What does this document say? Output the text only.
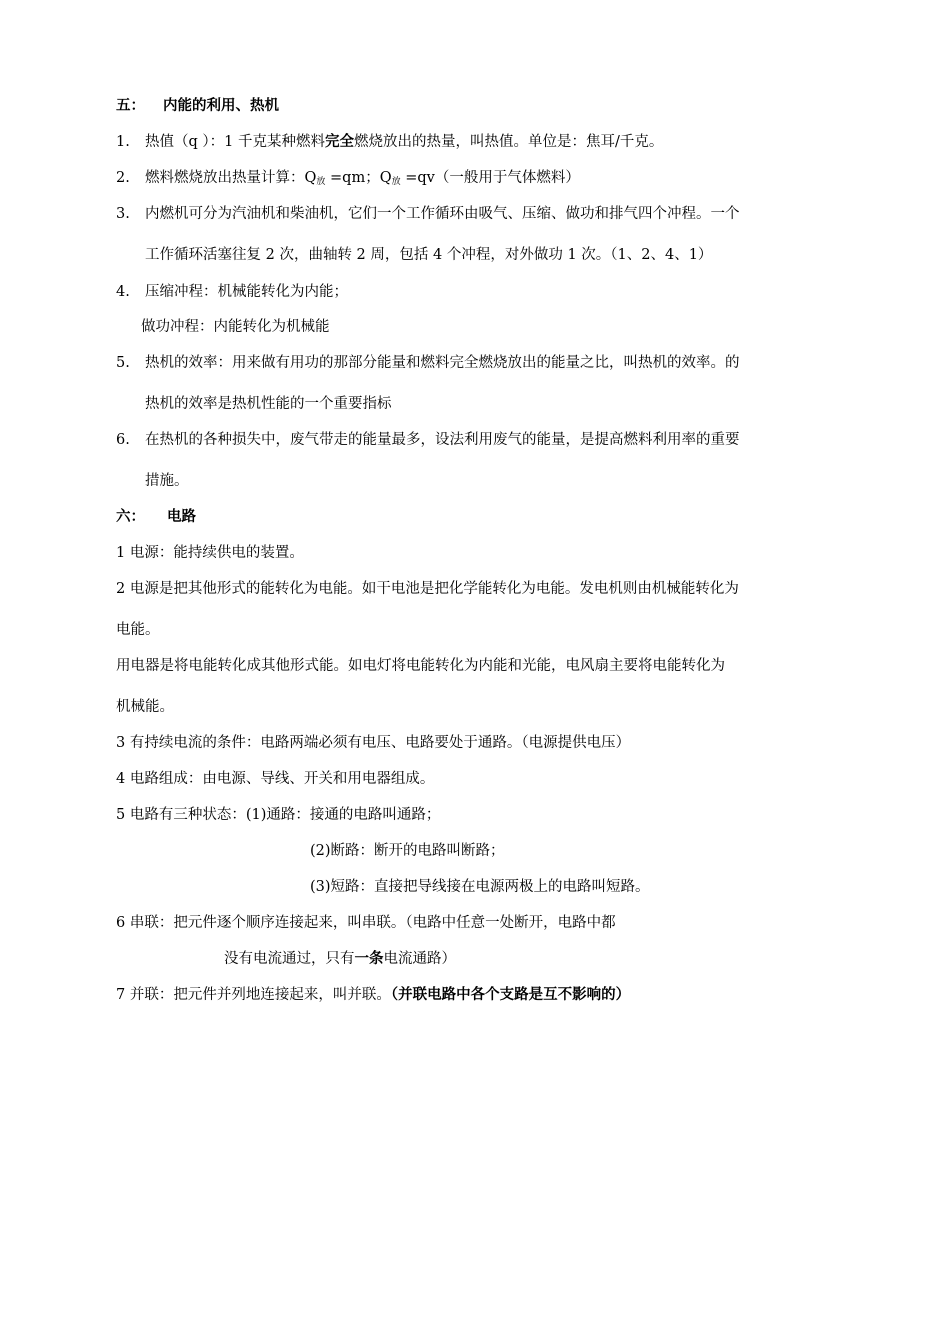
五： 内能的利用、热机
1. 热值（q ）：1 千克某种燃料完全燃烧放出的热量，叫热值。单位是：焦耳/千克。
2. 燃料燃烧放出热量计算：$Q_放 =qm$；$Q_放 =qv$（一般用于气体燃料）
3. 内燃机可分为汽油机和柴油机，它们一个工作循环由吸气、压缩、做功和排气四个冲程。一个
工作循环活塞往复 2 次，曲轴转 2 周，包括 4 个冲程，对外做功 1 次。（1、2、4、1）
4. 压缩冲程：机械能转化为内能；
做功冲程：内能转化为机械能
5. 热机的效率：用来做有用功的那部分能量和燃料完全燃烧放出的能量之比，叫热机的效率。的
热机的效率是热机性能的一个重要指标
6. 在热机的各种损失中，废气带走的能量最多，设法利用废气的能量，是提高燃料利用率的重要
措施。
六： 电路
1 电源：能持续供电的装置。
2 电源是把其他形式的能转化为电能。如干电池是把化学能转化为电能。发电机则由机械能转化为
电能。
用电器是将电能转化成其他形式能。如电灯将电能转化为内能和光能，电风扇主要将电能转化为
机械能。
3 有持续电流的条件：电路两端必须有电压、电路要处于通路。（电源提供电压）
4 电路组成：由电源、导线、开关和用电器组成。
5 电路有三种状态：(1)通路：接通的电路叫通路；
(2)断路：断开的电路叫断路；
(3)短路：直接把导线接在电源两极上的电路叫短路。
6 串联：把元件逐个顺序连接起来，叫串联。（电路中任意一处断开，电路中都
没有电流通过，只有一条电流通路）
7 并联：把元件并列地连接起来，叫并联。（并联电路中各个支路是互不影响的）
